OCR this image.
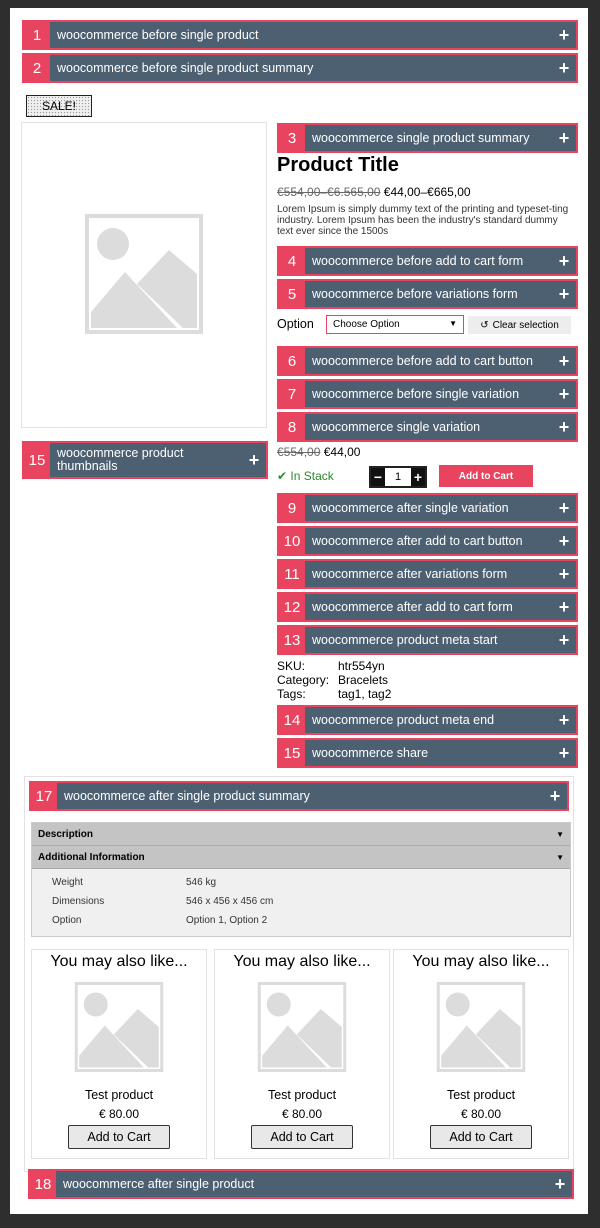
1	woocommerce before single product	+
2	woocommerce before single product summary	+
SALE!
15 woocommerce product thumbnails	+
3	woocommerce single product summary	+
Product Title
€554,00–€6.565,00 €44,00–€665,00
Lorem Ipsum is simply dummy text of the printing and typeset-ting industry. Lorem Ipsum has been the industry's standard dummy text ever since the 1500s
4	woocommerce before add to cart form	+
5	woocommerce before variations form	+
Option Choose Option	▼ ↺ Clear selection
6	woocommerce before add to cart button	+
7	woocommerce before single variation	+
8	woocommerce single variation	+
€554,00 €44,00
✔ In Stack	−	1 +	Add to Cart
9	woocommerce after single variation	+
10 woocommerce after add to cart button	+
11 woocommerce after variations form	+
12 woocommerce after add to cart form	+
13 woocommerce product meta start	+
SKU:	htr554yn
Category: Bracelets
Tags:	tag1, tag2
14 woocommerce product meta end	+
15 woocommerce share	+
17 woocommerce after single product summary	+
Description	▼
Additional Information	▼
Weight	546 kg
Dimensions	546 x 456 x 456 cm
Option	Option 1, Option 2
You may also like...
Test product
€ 80.00
Add to Cart
You may also like...
Test product
€ 80.00
Add to Cart
You may also like...
Test product
€ 80.00
Add to Cart
18 woocommerce after single product	+
